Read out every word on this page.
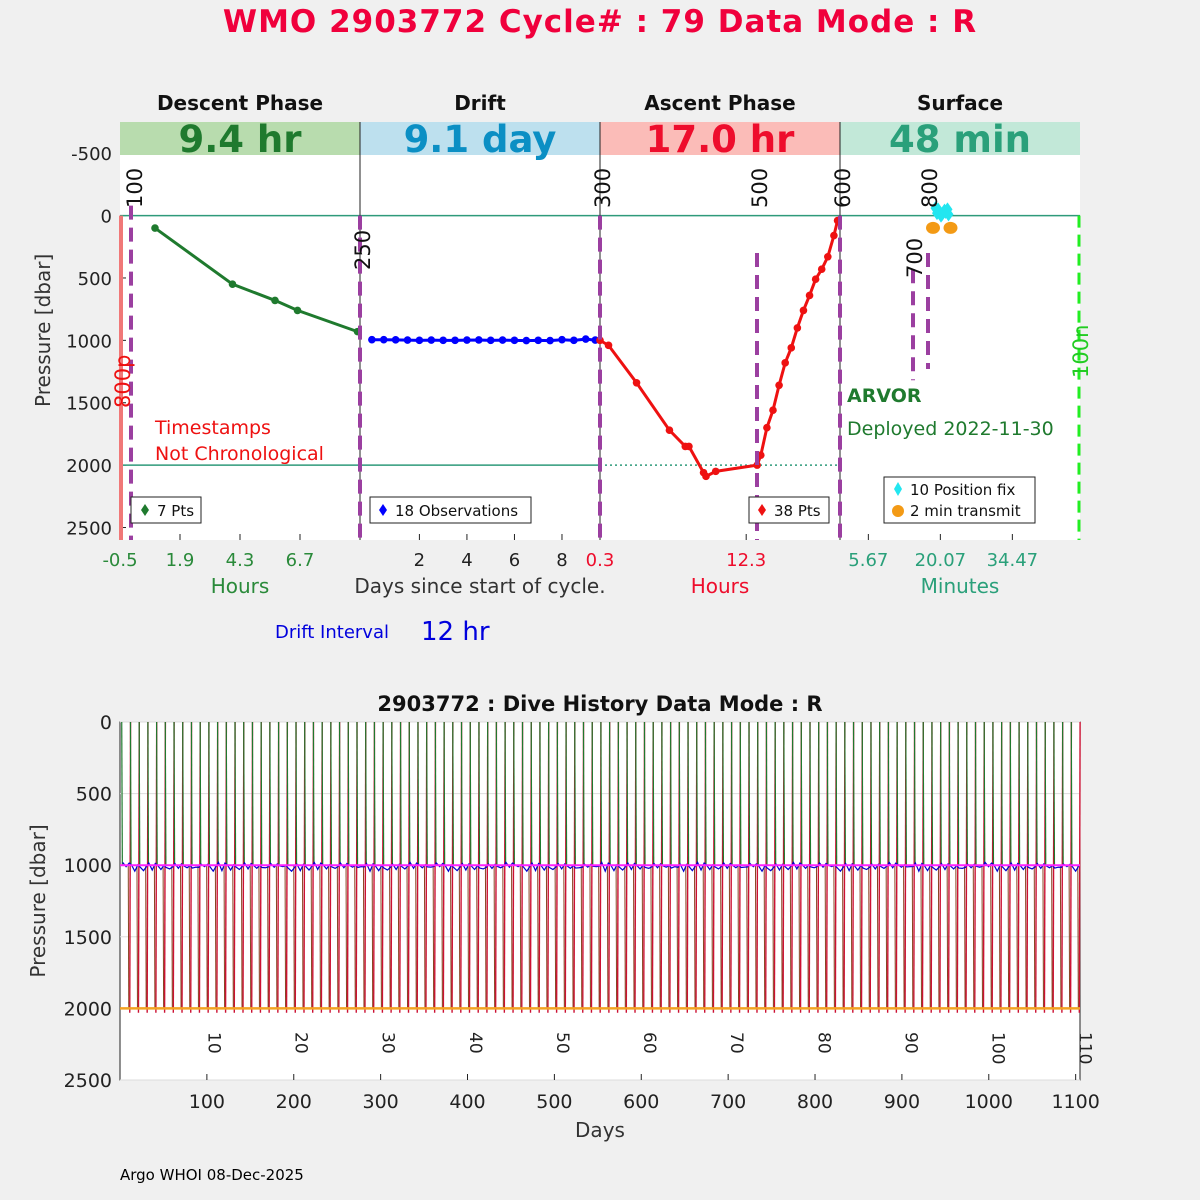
WMO 2903772 Cycle# : 79 Data Mode : R
-500
0
500
1000
1500
2000
2500
Pressure [dbar]
9.4 hr
Descent Phase
Hours
9.1 day
Drift
Days since start of cycle.
17.0 hr
Ascent Phase
Hours
48 min
Surface
Minutes
-0.5 1.9 4.3 6.7	2 4 6 8 0.3	12.3	5.67 20.07 34.47
100
250
300	500	600
700
800
800p
100n
Timestamps
Not Chronological
ARVOR
Deployed 2022-11-30
Drift Interval 12 hr
7 Pts	18 Observations	38 Pts
10 Position fix
2 min transmit
2903772 : Dive History Data Mode : R
0
500
1000
1500
2000
2500
100	200	300	400	500	600	700	800	900 1000 1100
Days
Pressure [dbar]
10	20	30	40	50	60	70	80	90	100	110
Argo WHOI 08-Dec-2025
